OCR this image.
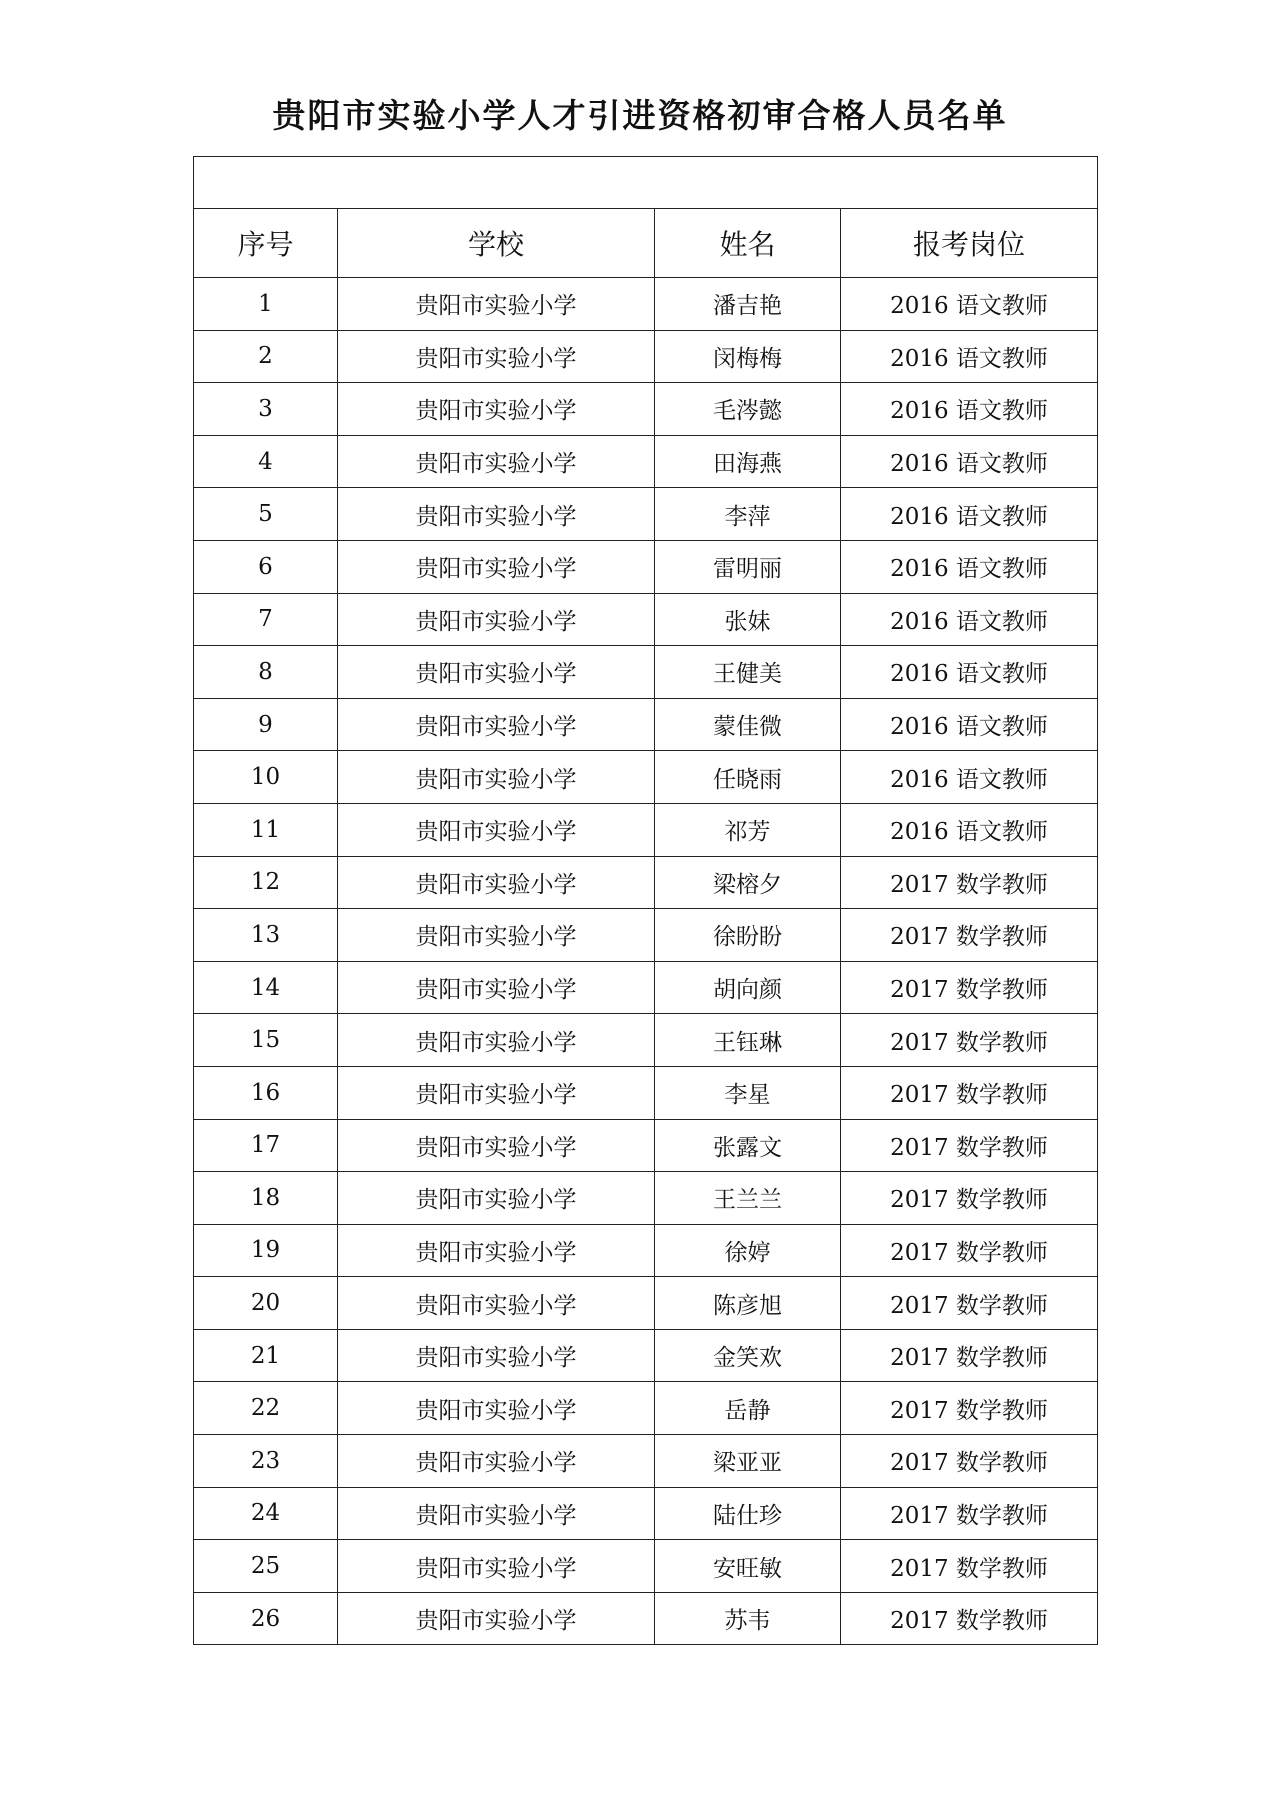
贵阳市实验小学人才引进资格初审合格人员名单

序号	学校	姓名	报考岗位
1	贵阳市实验小学	潘吉艳	2016 语文教师
2	贵阳市实验小学	闵梅梅	2016 语文教师
3	贵阳市实验小学	毛涔懿	2016 语文教师
4	贵阳市实验小学	田海燕	2016 语文教师
5	贵阳市实验小学	李萍	2016 语文教师
6	贵阳市实验小学	雷明丽	2016 语文教师
7	贵阳市实验小学	张妹	2016 语文教师
8	贵阳市实验小学	王健美	2016 语文教师
9	贵阳市实验小学	蒙佳微	2016 语文教师
10	贵阳市实验小学	任晓雨	2016 语文教师
11	贵阳市实验小学	祁芳	2016 语文教师
12	贵阳市实验小学	梁榕夕	2017 数学教师
13	贵阳市实验小学	徐盼盼	2017 数学教师
14	贵阳市实验小学	胡向颜	2017 数学教师
15	贵阳市实验小学	王钰琳	2017 数学教师
16	贵阳市实验小学	李星	2017 数学教师
17	贵阳市实验小学	张露文	2017 数学教师
18	贵阳市实验小学	王兰兰	2017 数学教师
19	贵阳市实验小学	徐婷	2017 数学教师
20	贵阳市实验小学	陈彦旭	2017 数学教师
21	贵阳市实验小学	金笑欢	2017 数学教师
22	贵阳市实验小学	岳静	2017 数学教师
23	贵阳市实验小学	梁亚亚	2017 数学教师
24	贵阳市实验小学	陆仕珍	2017 数学教师
25	贵阳市实验小学	安旺敏	2017 数学教师
26	贵阳市实验小学	苏韦	2017 数学教师
